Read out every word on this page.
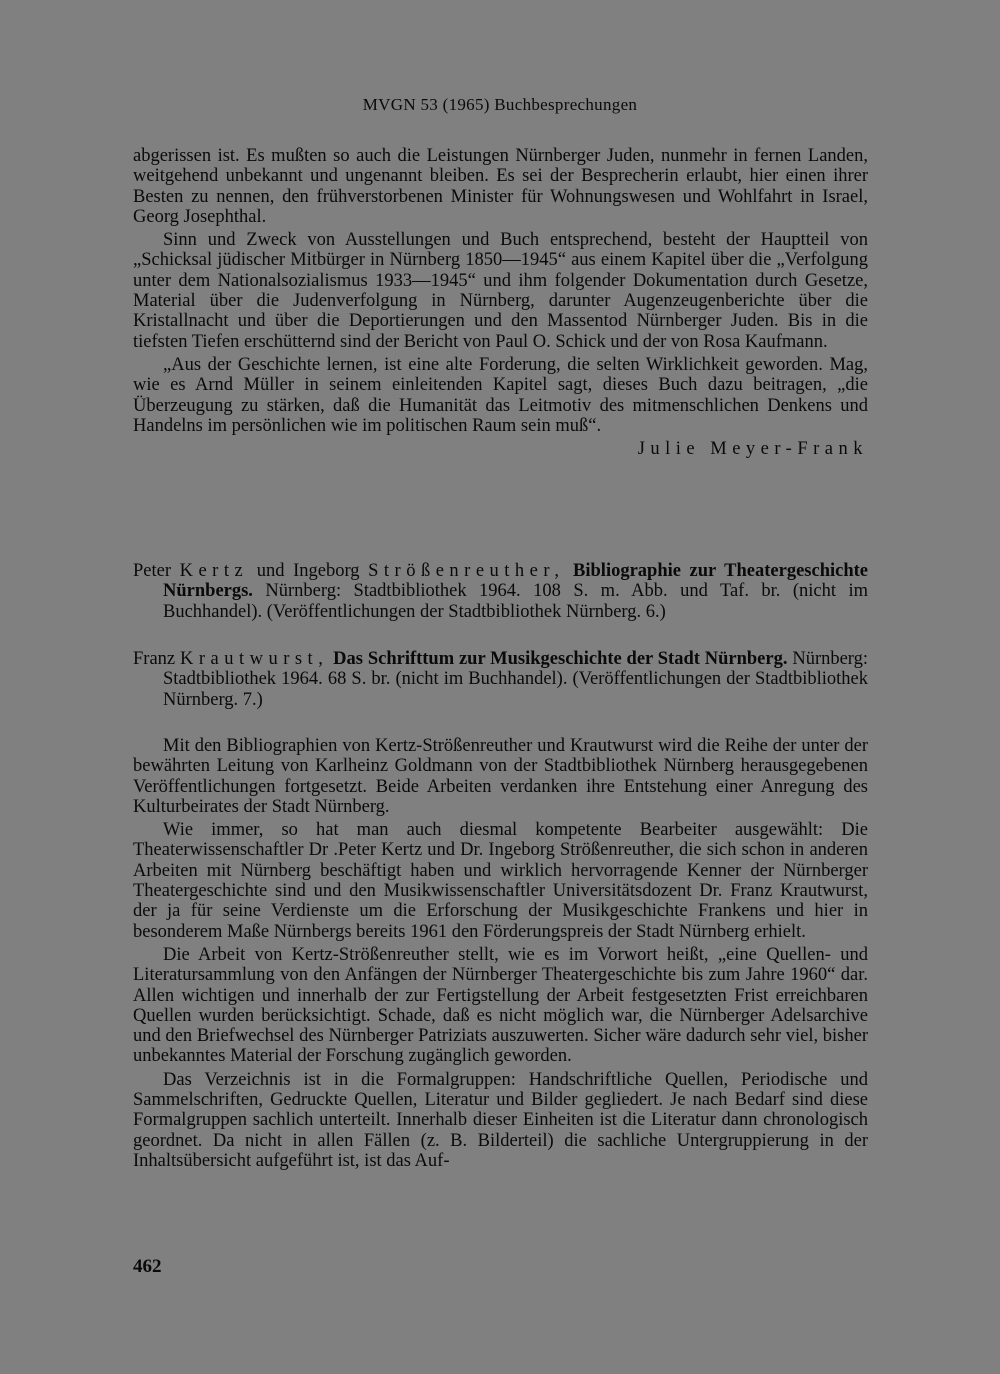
MVGN 53 (1965) Buchbesprechungen

abgerissen ist. Es mußten so auch die Leistungen Nürnberger Juden, nunmehr in fernen Landen, weitgehend unbekannt und ungenannt bleiben. Es sei der Besprecherin erlaubt, hier einen ihrer Besten zu nennen, den frühverstorbenen Minister für Wohnungswesen und Wohlfahrt in Israel, Georg Josephthal.

Sinn und Zweck von Ausstellungen und Buch entsprechend, besteht der Hauptteil von „Schicksal jüdischer Mitbürger in Nürnberg 1850—1945“ aus einem Kapitel über die „Verfolgung unter dem Nationalsozialismus 1933—1945“ und ihm folgender Dokumentation durch Gesetze, Material über die Judenverfolgung in Nürnberg, darunter Augenzeugenberichte über die Kristallnacht und über die Deportierungen und den Massentod Nürnberger Juden. Bis in die tiefsten Tiefen erschütternd sind der Bericht von Paul O. Schick und der von Rosa Kaufmann.

„Aus der Geschichte lernen, ist eine alte Forderung, die selten Wirklichkeit geworden. Mag, wie es Arnd Müller in seinem einleitenden Kapitel sagt, dieses Buch dazu beitragen, „die Überzeugung zu stärken, daß die Humanität das Leitmotiv des mitmenschlichen Denkens und Handelns im persönlichen wie im politischen Raum sein muß“.

Julie Meyer-Frank
Peter Kertz und Ingeborg Strößenreuther, Bibliographie zur Theatergeschichte Nürnbergs. Nürnberg: Stadtbibliothek 1964. 108 S. m. Abb. und Taf. br. (nicht im Buchhandel). (Veröffentlichungen der Stadtbibliothek Nürnberg. 6.)
Franz Krautwurst, Das Schrifttum zur Musikgeschichte der Stadt Nürnberg. Nürnberg: Stadtbibliothek 1964. 68 S. br. (nicht im Buchhandel). (Veröffentlichungen der Stadtbibliothek Nürnberg. 7.)

Mit den Bibliographien von Kertz-Strößenreuther und Krautwurst wird die Reihe der unter der bewährten Leitung von Karlheinz Goldmann von der Stadtbibliothek Nürnberg herausgegebenen Veröffentlichungen fortgesetzt. Beide Arbeiten verdanken ihre Entstehung einer Anregung des Kulturbeirates der Stadt Nürnberg.

Wie immer, so hat man auch diesmal kompetente Bearbeiter ausgewählt: Die Theaterwissenschaftler Dr .Peter Kertz und Dr. Ingeborg Strößenreuther, die sich schon in anderen Arbeiten mit Nürnberg beschäftigt haben und wirklich hervorragende Kenner der Nürnberger Theatergeschichte sind und den Musikwissenschaftler Universitätsdozent Dr. Franz Krautwurst, der ja für seine Verdienste um die Erforschung der Musikgeschichte Frankens und hier in besonderem Maße Nürnbergs bereits 1961 den Förderungspreis der Stadt Nürnberg erhielt.

Die Arbeit von Kertz-Strößenreuther stellt, wie es im Vorwort heißt, „eine Quellen- und Literatursammlung von den Anfängen der Nürnberger Theatergeschichte bis zum Jahre 1960“ dar. Allen wichtigen und innerhalb der zur Fertigstellung der Arbeit festgesetzten Frist erreichbaren Quellen wurden berücksichtigt. Schade, daß es nicht möglich war, die Nürnberger Adelsarchive und den Briefwechsel des Nürnberger Patriziats auszuwerten. Sicher wäre dadurch sehr viel, bisher unbekanntes Material der Forschung zugänglich geworden.

Das Verzeichnis ist in die Formalgruppen: Handschriftliche Quellen, Periodische und Sammelschriften, Gedruckte Quellen, Literatur und Bilder gegliedert. Je nach Bedarf sind diese Formalgruppen sachlich unterteilt. Innerhalb dieser Einheiten ist die Literatur dann chronologisch geordnet. Da nicht in allen Fällen (z. B. Bilderteil) die sachliche Untergruppierung in der Inhaltsübersicht aufgeführt ist, ist das Auf-

462
